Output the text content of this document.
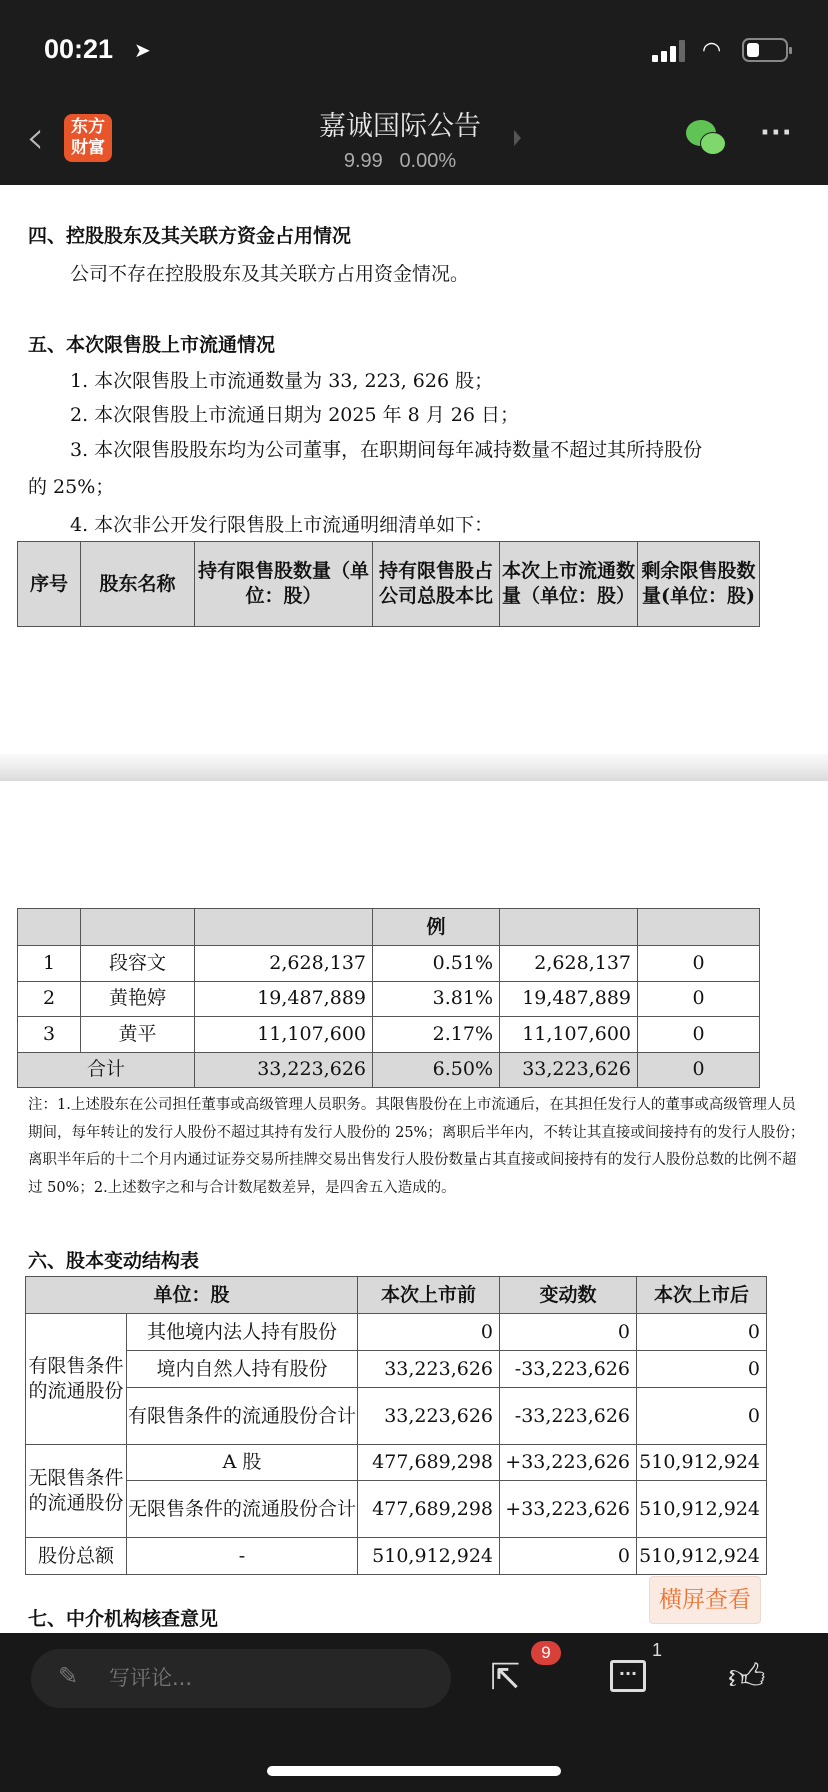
00:21 ➤	◠
‹	东方
财富
嘉诚国际公告
9.99 0.00%
···
四、控股股东及其关联方资金占用情况
公司不存在控股股东及其关联方占用资金情况。
五、本次限售股上市流通情况
1. 本次限售股上市流通数量为 33, 223, 626 股；
2. 本次限售股上市流通日期为 2025 年 8 月 26 日；
3. 本次限售股股东均为公司董事，在职期间每年减持数量不超过其所持股份
的 25%；
4. 本次非公开发行限售股上市流通明细清单如下：
序号	股东名称	持有限售股数量（单位：股）	持有限售股占公司总股本比	本次上市流通数量（单位：股）	剩余限售股数量(单位：股)
			例		
1	段容文	2,628,137	0.51%	2,628,137	0
2	黄艳婷	19,487,889	3.81%	19,487,889	0
3	黄平	11,107,600	2.17%	11,107,600	0
合计		33,223,626	6.50%	33,223,626	0
注：1.上述股东在公司担任董事或高级管理人员职务。其限售股份在上市流通后，在其担任发行人的董事或高级管理人员期间，每年转让的发行人股份不超过其持有发行人股份的 25%；离职后半年内，不转让其直接或间接持有的发行人股份；离职半年后的十二个月内通过证券交易所挂牌交易出售发行人股份数量占其直接或间接持有的发行人股份总数的比例不超过 50%；2.上述数字之和与合计数尾数差异，是四舍五入造成的。
六、股本变动结构表
单位：股		本次上市前	变动数	本次上市后
有限售条件的流通股份	其他境内法人持有股份	0	0	0
	境内自然人持有股份	33,223,626	-33,223,626	0
	有限售条件的流通股份合计	33,223,626	-33,223,626	0
无限售条件的流通股份	A 股	477,689,298	+33,223,626	510,912,924
	无限售条件的流通股份合计	477,689,298	+33,223,626	510,912,924
股份总额	-	510,912,924	0	510,912,924
横屏查看
七、中介机构核查意见
写评论...
✎	⇱
9
···
1
👍︎
